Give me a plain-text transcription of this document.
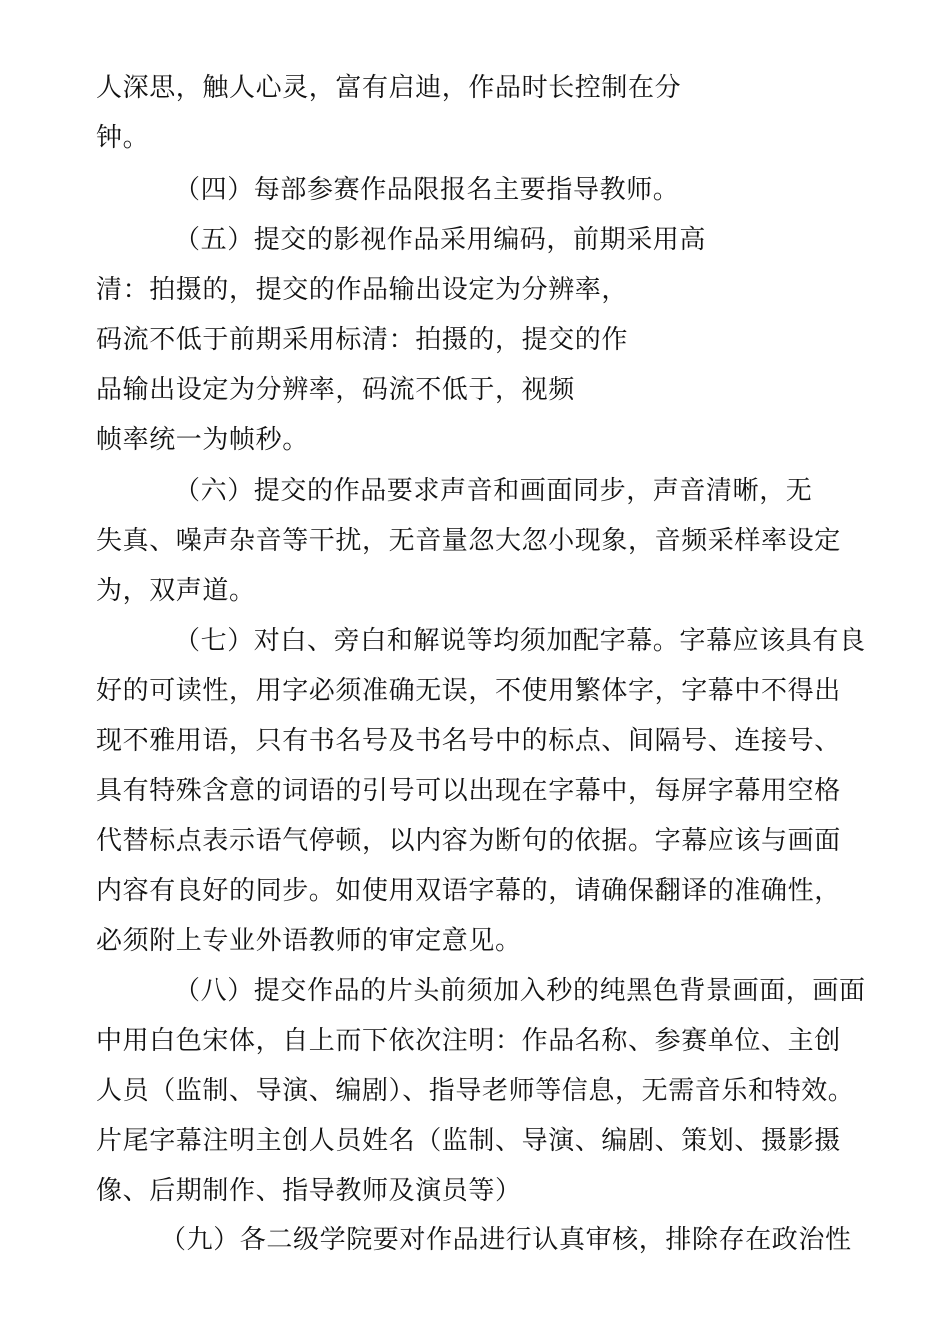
人深思，触人心灵，富有启迪，作品时长控制在分
钟。
（四）每部参赛作品限报名主要指导教师。
（五）提交的影视作品采用编码，前期采用高
清：拍摄的，提交的作品输出设定为分辨率，
码流不低于前期采用标清：拍摄的，提交的作
品输出设定为分辨率，码流不低于，视频
帧率统一为帧秒。
（六）提交的作品要求声音和画面同步，声音清晰，无
失真、噪声杂音等干扰，无音量忽大忽小现象，音频采样率设定
为，双声道。
（七）对白、旁白和解说等均须加配字幕。字幕应该具有良
好的可读性，用字必须准确无误，不使用繁体字，字幕中不得出
现不雅用语，只有书名号及书名号中的标点、间隔号、连接号、
具有特殊含意的词语的引号可以出现在字幕中，每屏字幕用空格
代替标点表示语气停顿，以内容为断句的依据。字幕应该与画面
内容有良好的同步。如使用双语字幕的，请确保翻译的准确性，
必须附上专业外语教师的审定意见。
（八）提交作品的片头前须加入秒的纯黑色背景画面，画面
中用白色宋体，自上而下依次注明：作品名称、参赛单位、主创
人员（监制、导演、编剧）、指导老师等信息，无需音乐和特效。
片尾字幕注明主创人员姓名（监制、导演、编剧、策划、摄影摄
像、后期制作、指导教师及演员等）
（九）各二级学院要对作品进行认真审核，排除存在政治性
